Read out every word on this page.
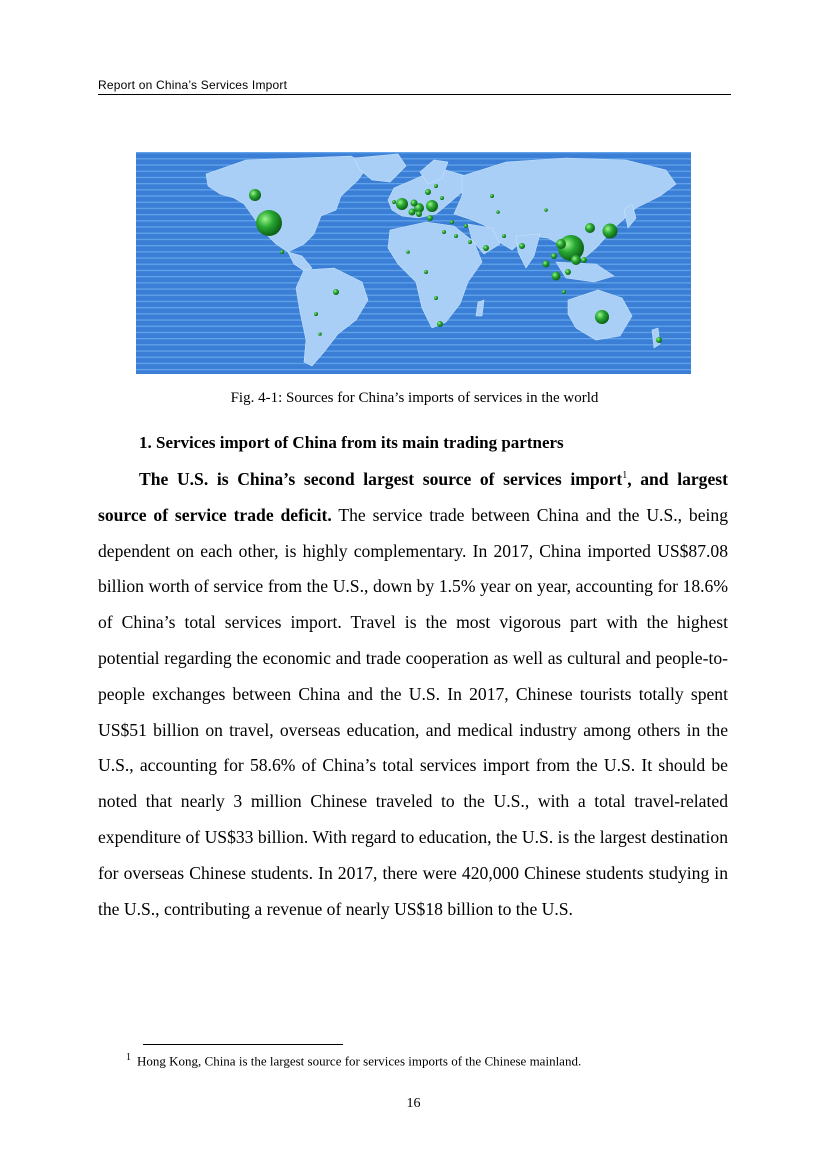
Report on China’s Services Import
Fig. 4-1: Sources for China’s imports of services in the world
1. Services import of China from its main trading partners
The U.S. is China’s second largest source of services import$^1$, and largest source of service trade deficit. The service trade between China and the U.S., being dependent on each other, is highly complementary. In 2017, China imported US$87.08 billion worth of service from the U.S., down by 1.5% year on year, accounting for 18.6% of China’s total services import. Travel is the most vigorous part with the highest potential regarding the economic and trade cooperation as well as cultural and people-to-people exchanges between China and the U.S. In 2017, Chinese tourists totally spent US$51 billion on travel, overseas education, and medical industry among others in the U.S., accounting for 58.6% of China’s total services import from the U.S. It should be noted that nearly 3 million Chinese traveled to the U.S., with a total travel-related expenditure of US$33 billion. With regard to education, the U.S. is the largest destination for overseas Chinese students. In 2017, there were 420,000 Chinese students studying in the U.S., contributing a revenue of nearly US$18 billion to the U.S.
$^1$ Hong Kong, China is the largest source for services imports of the Chinese mainland.
16
